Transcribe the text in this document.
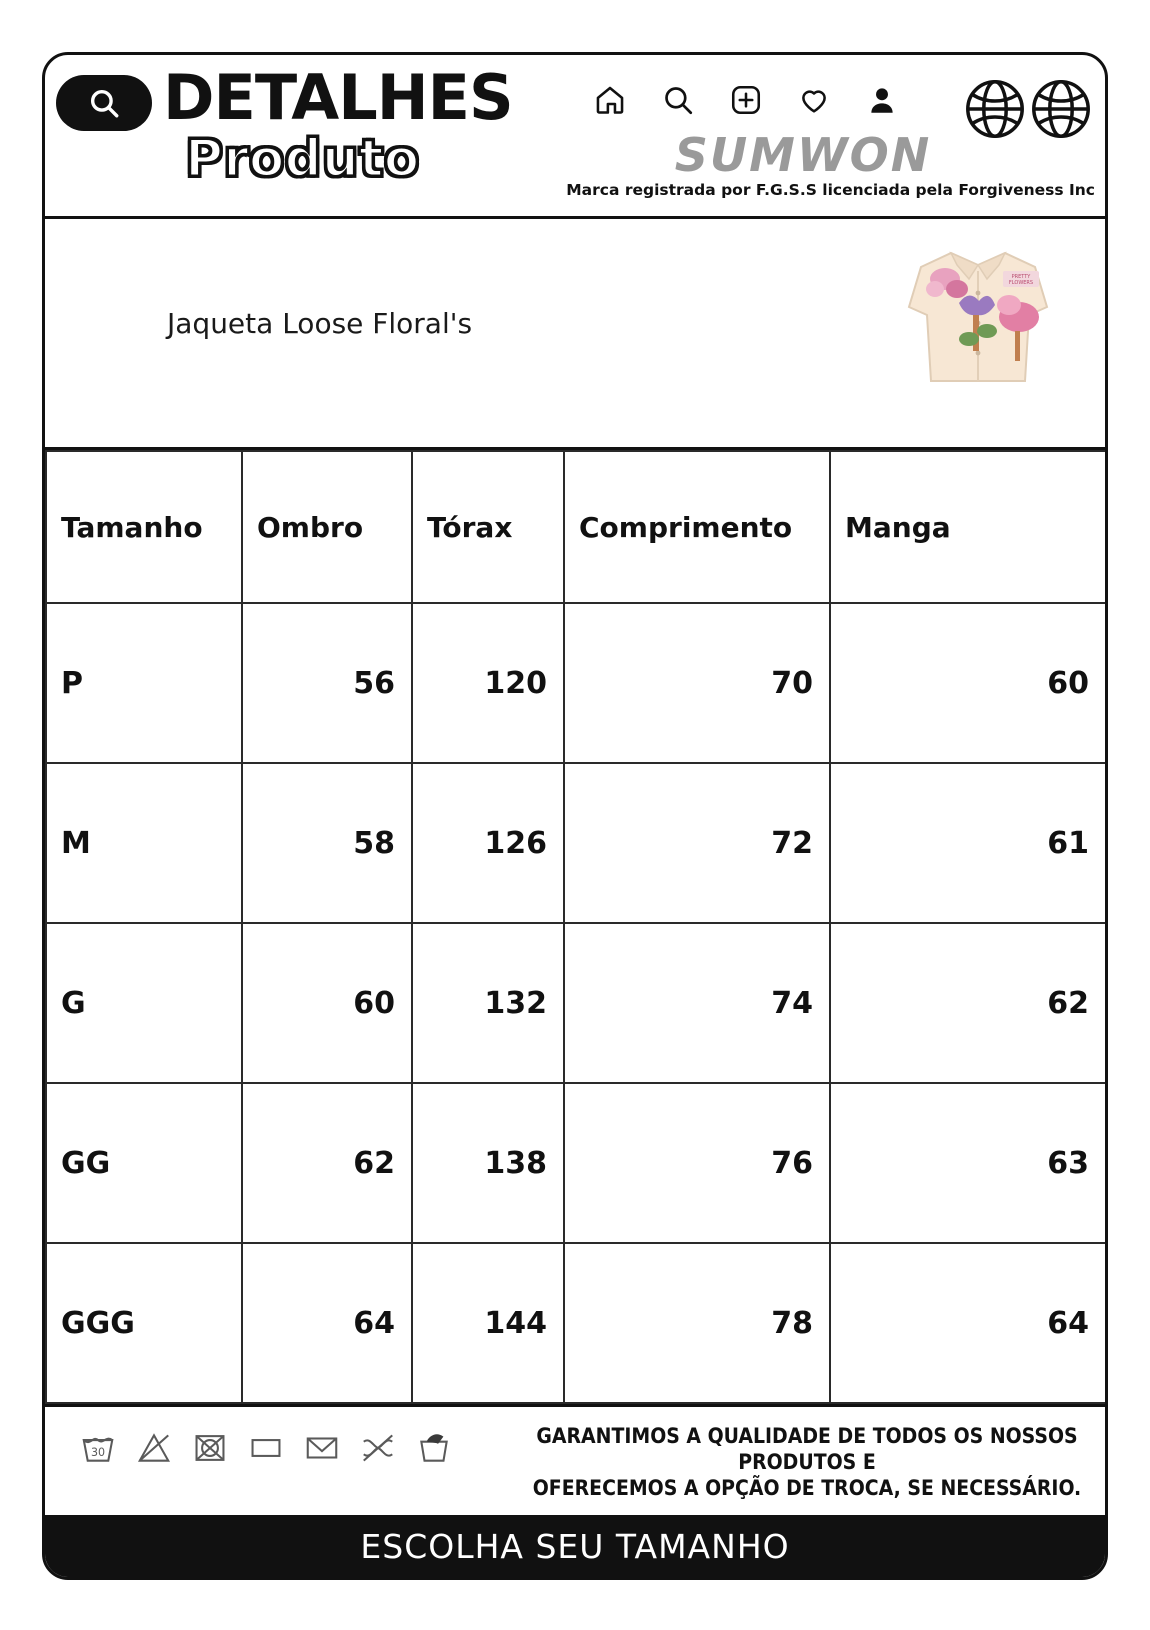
DETALHES
Produto	SUMWON
Marca registrada por F.G.S.S licenciada pela Forgiveness Inc
Jaqueta Loose Floral's
PRETTY
FLOWERS
Tamanho	Ombro	Tórax	Comprimento	Manga
P	56	120	70	60
M	58	126	72	61
G	60	132	74	62
GG	62	138	76	63
GGG	64	144	78	64
30
GARANTIMOS A QUALIDADE DE TODOS OS NOSSOS PRODUTOS E
OFERECEMOS A OPÇÃO DE TROCA, SE NECESSÁRIO.
ESCOLHA SEU TAMANHO
